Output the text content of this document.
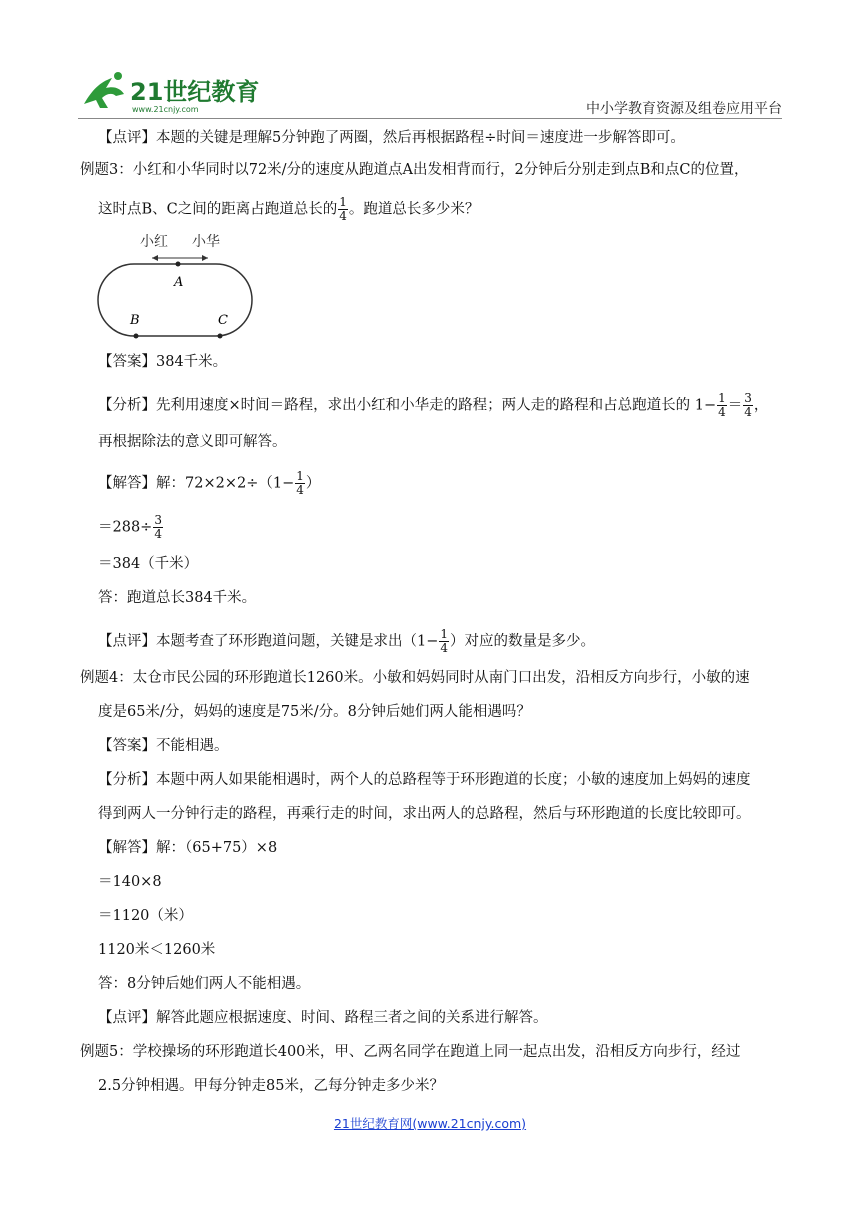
21世纪教育
www.21cnjy.com	中小学教育资源及组卷应用平台
【点评】本题的关键是理解5分钟跑了两圈，然后再根据路程÷时间＝速度进一步解答即可。
例题3：小红和小华同时以72米/分的速度从跑道点A出发相背而行，2分钟后分别走到点B和点C的位置，
这时点B、C之间的距离占跑道总长的 $\frac{1}{4}$ 。跑道总长多少米？
小红 小华
A
B	C
【答案】384千米。
【分析】先利用速度×时间＝路程，求出小红和小华走的路程；两人走的路程和占总跑道长的 $1- \frac{1}{4} = \frac{3}{4}$ ，
再根据除法的意义即可解答。
【解答】解：$72\times 2\times 2\div(1- \frac{1}{4}$ ）
$=288\div \frac{3}{4}$
＝384（千米）
答：跑道总长384千米。
【点评】本题考查了环形跑道问题，关键是求出（$1- \frac{1}{4}$ ）对应的数量是多少。
例题4：太仓市民公园的环形跑道长1260米。小敏和妈妈同时从南门口出发，沿相反方向步行，小敏的速
度是65米/分，妈妈的速度是75米/分。8分钟后她们两人能相遇吗？
【答案】不能相遇。
【分析】本题中两人如果能相遇时，两个人的总路程等于环形跑道的长度；小敏的速度加上妈妈的速度
得到两人一分钟行走的路程，再乘行走的时间，求出两人的总路程，然后与环形跑道的长度比较即可。
【解答】解：（65+75）×8
＝140×8
＝1120（米）
1120米＜1260米
答：8分钟后她们两人不能相遇。
【点评】解答此题应根据速度、时间、路程三者之间的关系进行解答。
例题5：学校操场的环形跑道长400米，甲、乙两名同学在跑道上同一起点出发，沿相反方向步行，经过
2.5分钟相遇。甲每分钟走85米，乙每分钟走多少米？
21世纪教育网(www.21cnjy.com)
